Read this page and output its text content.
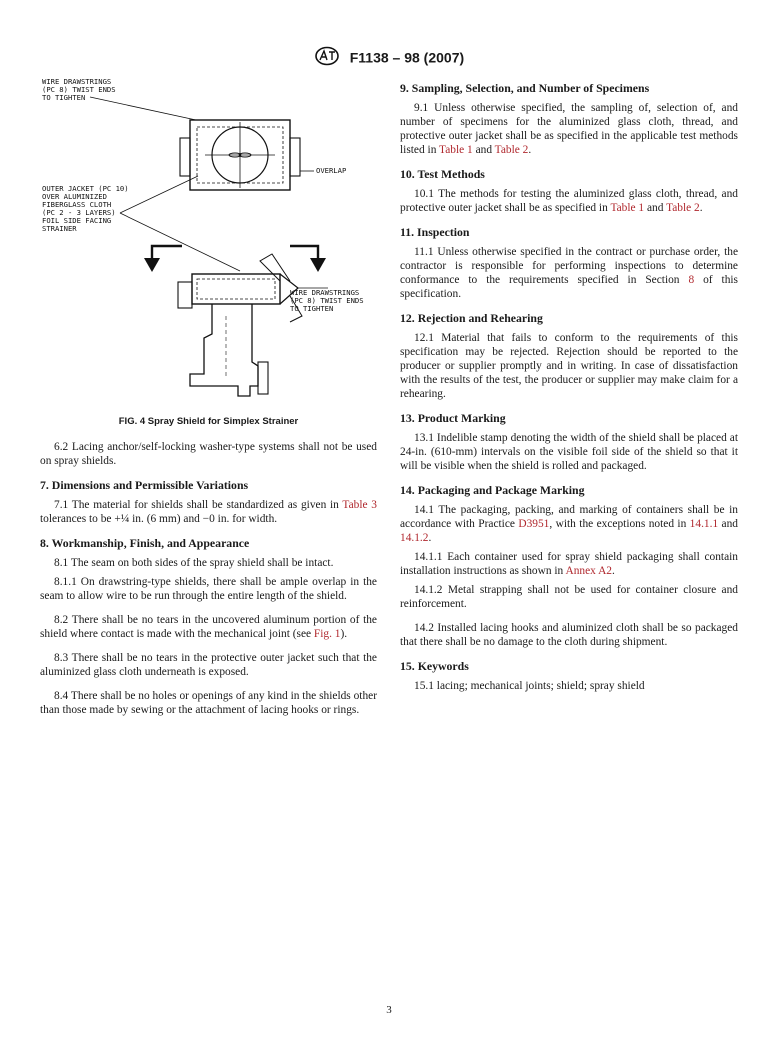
F1138 – 98 (2007)
WIRE DRAWSTRINGS
(PC 8) TWIST ENDS
TO TIGHTEN
OVERLAP
OUTER JACKET (PC 10)
OVER ALUMINIZED
FIBERGLASS CLOTH
(PC 2 - 3 LAYERS)
FOIL SIDE FACING
STRAINER
WIRE DRAWSTRINGS
(PC 8) TWIST ENDS
TO TIGHTEN
FIG. 4 Spray Shield for Simplex Strainer

6.2 Lacing anchor/self-locking washer-type systems shall not be used on spray shields.

7. Dimensions and Permissible Variations

7.1 The material for shields shall be standardized as given in Table 3 tolerances to be +¼ in. (6 mm) and −0 in. for width.

8. Workmanship, Finish, and Appearance

8.1 The seam on both sides of the spray shield shall be intact.

8.1.1 On drawstring-type shields, there shall be ample overlap in the seam to allow wire to be run through the entire length of the shield.

8.2 There shall be no tears in the uncovered aluminum portion of the shield where contact is made with the mechanical joint (see Fig. 1).

8.3 There shall be no tears in the protective outer jacket such that the aluminized glass cloth underneath is exposed.

8.4 There shall be no holes or openings of any kind in the shields other than those made by sewing or the attachment of lacing hooks or rings.

9. Sampling, Selection, and Number of Specimens

9.1 Unless otherwise specified, the sampling of, selection of, and number of specimens for the aluminized glass cloth, thread, and protective outer jacket shall be as specified in the applicable test methods listed in Table 1 and Table 2.

10. Test Methods

10.1 The methods for testing the aluminized glass cloth, thread, and protective outer jacket shall be as specified in Table 1 and Table 2.

11. Inspection

11.1 Unless otherwise specified in the contract or purchase order, the contractor is responsible for performing inspections to determine conformance to the requirements specified in Section 8 of this specification.

12. Rejection and Rehearing

12.1 Material that fails to conform to the requirements of this specification may be rejected. Rejection should be reported to the producer or supplier promptly and in writing. In case of dissatisfaction with the results of the test, the producer or supplier may make claim for a rehearing.

13. Product Marking

13.1 Indelible stamp denoting the width of the shield shall be placed at 24-in. (610-mm) intervals on the visible foil side of the shield so that it will be visible when the shield is rolled and packaged.

14. Packaging and Package Marking

14.1 The packaging, packing, and marking of containers shall be in accordance with Practice D3951, with the exceptions noted in 14.1.1 and 14.1.2.

14.1.1 Each container used for spray shield packaging shall contain installation instructions as shown in Annex A2.

14.1.2 Metal strapping shall not be used for container closure and reinforcement.

14.2 Installed lacing hooks and aluminized cloth shall be so packaged that there shall be no damage to the cloth during shipment.

15. Keywords

15.1 lacing; mechanical joints; shield; spray shield

3
